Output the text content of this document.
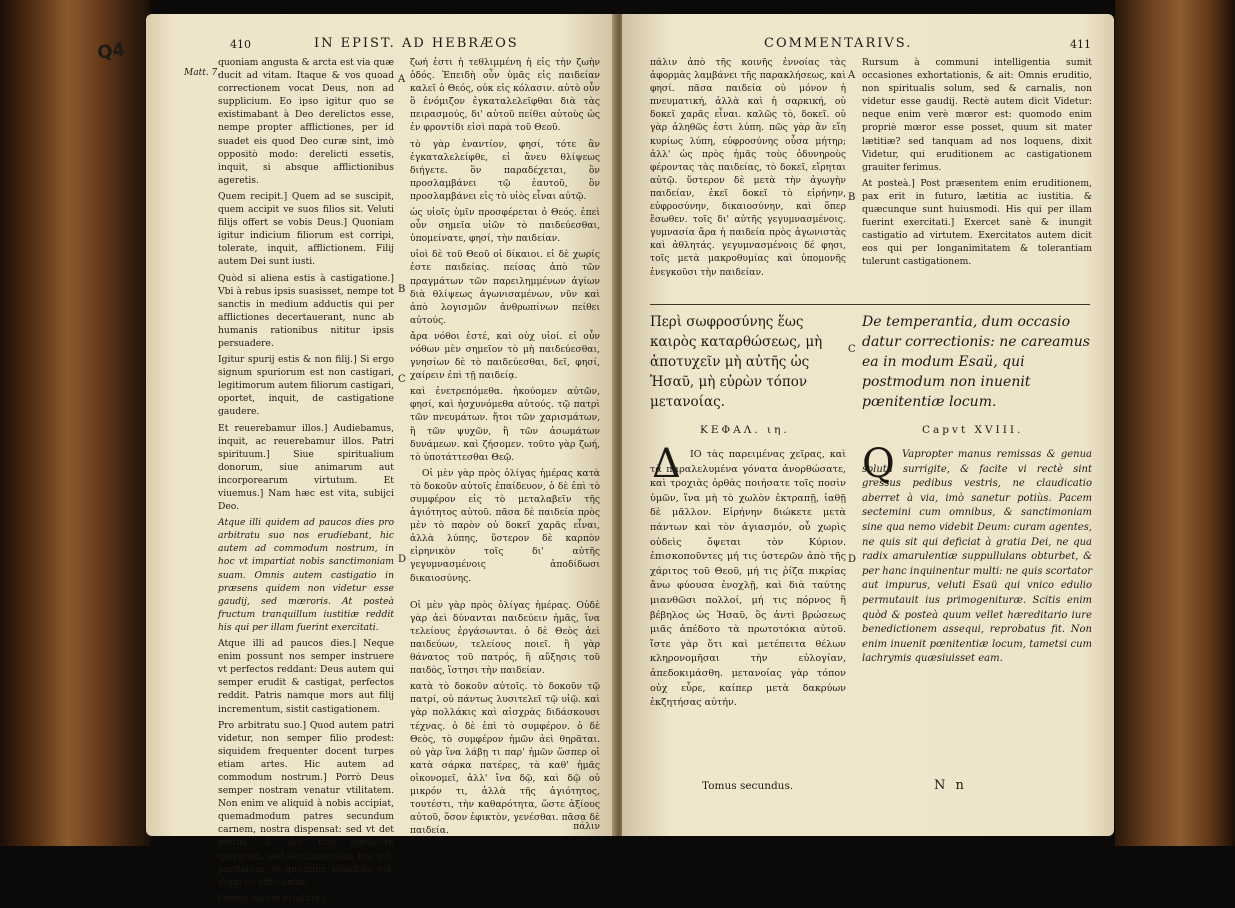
Q4	410	IN EPIST. AD HEBRÆOS
Matt. 7.

quoniam angusta & arcta est via quæ ducit ad vitam. Itaque & vos quoad correctionem vocat Deus, non ad supplicium. Eo ipso igitur quo se existimabant à Deo derelictos esse, nempe propter afflictiones, per id suadet eis quod Deo curæ sint, imò oppositò modo: derelicti essetis, inquit, si absque afflictionibus ageretis.

Quem recipit.] Quem ad se suscipit, quem accipit ve suos filios sit. Veluti filijs offert se vobis Deus.] Quoniam igitur indicium filiorum est corripi, tolerate, inquit, afflictionem. Filij autem Dei sunt iusti.

Quòd si aliena estis à castigatione.] Vbi à rebus ipsis suasisset, nempe tot sanctis in medium adductis qui per afflictiones decertauerant, nunc ab humanis rationibus nititur ipsis persuadere.

Igitur spurij estis & non filij.] Si ergo signum spuriorum est non castigari, legitimorum autem filiorum castigari, oportet, inquit, de castigatione gaudere.

Et reuerebamur illos.] Audiebamus, inquit, ac reuerebamur illos. Patri spirituum.] Siue spiritualium donorum, siue animarum aut incorporearum virtutum. Et viuemus.] Nam hæc est vita, subijci Deo.

Atque illi quidem ad paucos dies pro arbitratu suo nos erudiebant, hic autem ad commodum nostrum, in hoc vt impartiat nobis sanctimoniam suam. Omnis autem castigatio in præsens quidem non videtur esse gaudij, sed mœroris. At posteà fructum tranquillum iustitiæ reddit his qui per illam fuerint exercitati.

Atque illi ad paucos dies.] Neque enim possunt nos semper instruere vt perfectos reddant: Deus autem qui semper erudit & castigat, perfectos reddit. Patris namque mors aut filij incrementum, sistit castigationem.

Pro arbitratu suo.] Quod autem patri videtur, non semper filio prodest: siquidem frequenter docent turpes etiam artes. Hic autem ad commodum nostrum.] Porrò Deus semper nostram venatur vtilitatem. Non enim ve aliquid à nobis accipiat, quemadmodum patres secundum carnem, nostra dispensat: sed vt det potius, & det non mediocre quippiam, sed sanctimoniam, hoc est, puritatem: vt quantum possibile est, digni eo efficiamur.

Omnis autem eruditio.]

A
B
C
D

ζωή ἐστι ἡ τεθλιμμένη ἡ εἰς τὴν ζωὴν ὁδός. Ἐπειδὴ οὖν ὑμᾶς εἰς παιδείαν καλεῖ ὁ Θεός, οὐκ εἰς κόλασιν. αὐτὸ οὖν ὃ ἐνόμιζον ἐγκαταλελεῖφθαι διὰ τὰς πειρασμούς, δι' αὐτοῦ πείθει αὐτοὺς ὡς ἐν φροντίδι εἰσὶ παρὰ τοῦ Θεοῦ.

τὸ γὰρ ἐναντίον, φησί, τότε ἂν ἐγκαταλελείφθε, εἰ ἄνευ θλίψεως διήγετε. ὃν παραδέχεται, ὃν προσλαμβάνει τῷ ἑαυτοῦ, ὃν προσλαμβάνει εἰς τὸ υἱὸς εἶναι αὐτῷ.

ὡς υἱοῖς ὑμῖν προσφέρεται ὁ Θεός. ἐπεὶ οὖν σημεῖα υἱῶν τὸ παιδεύεσθαι, ὑπομείνατε, φησί, τὴν παιδείαν.

υἱοὶ δὲ τοῦ Θεοῦ οἱ δίκαιοι. εἰ δὲ χωρίς ἐστε παιδείας. πείσας ἀπὸ τῶν πραγμάτων τῶν παρειλημμένων ἁγίων διὰ θλίψεως ἀγωνισαμένων, νῦν καὶ ἀπὸ λογισμῶν ἀνθρωπίνων πείθει αὐτούς.

ἄρα νόθοι ἐστέ, καὶ οὐχ υἱοί. εἰ οὖν νόθων μὲν σημεῖον τὸ μὴ παιδεύεσθαι, γνησίων δὲ τὸ παιδεύεσθαι, δεῖ, φησί, χαίρειν ἐπὶ τῇ παιδείᾳ.

καὶ ἐνετρεπόμεθα. ἠκούομεν αὐτῶν, φησί, καὶ ἠσχυνόμεθα αὐτούς. τῷ πατρὶ τῶν πνευμάτων. ἤτοι τῶν χαρισμάτων, ἢ τῶν ψυχῶν, ἢ τῶν ἀσωμάτων δυνάμεων. καὶ ζήσομεν. τοῦτο γὰρ ζωή, τὸ ὑποτάττεσθαι Θεῷ.

Οἱ μὲν γὰρ πρὸς ὀλίγας ἡμέρας κατὰ τὸ δοκοῦν αὐτοῖς ἐπαίδευον, ὁ δὲ ἐπὶ τὸ συμφέρον εἰς τὸ μεταλαβεῖν τῆς ἁγιότητος αὐτοῦ. πᾶσα δὲ παιδεία πρὸς μὲν τὸ παρὸν οὐ δοκεῖ χαρᾶς εἶναι, ἀλλὰ λύπης, ὕστερον δὲ καρπὸν εἰρηνικὸν τοῖς δι' αὐτῆς γεγυμνασμένοις ἀποδίδωσι δικαιοσύνης.

Οἱ μὲν γὰρ πρὸς ὀλίγας ἡμέρας. Οὐδὲ γὰρ ἀεὶ δύνανται παιδεύειν ἡμᾶς, ἵνα τελείους ἐργάσωνται. ὁ δὲ Θεὸς ἀεὶ παιδεύων, τελείους ποιεῖ. ἢ γὰρ θάνατος τοῦ πατρός, ἢ αὔξησις τοῦ παιδὸς, ἵστησι τὴν παιδείαν.

κατὰ τὸ δοκοῦν αὐτοῖς. τὸ δοκοῦν τῷ πατρί, οὐ πάντως λυσιτελεῖ τῷ υἱῷ. καὶ γὰρ πολλάκις καὶ αἰσχρὰς διδάσκουσι τέχνας. ὁ δὲ ἐπὶ τὸ συμφέρον. ὁ δὲ Θεὸς, τὸ συμφέρον ἡμῶν ἀεὶ θηρᾶται. οὐ γὰρ ἵνα λάβῃ τι παρ' ἡμῶν ὥσπερ οἱ κατὰ σάρκα πατέρες, τὰ καθ' ἡμᾶς οἰκονομεῖ, ἀλλ' ἵνα δῷ, καὶ δῷ οὐ μικρόν τι, ἀλλὰ τῆς ἁγιότητος, τουτέστι, τὴν καθαρότητα, ὥστε ἀξίους αὐτοῦ, ὅσον ἐφικτὸν, γενέσθαι. πᾶσα δὲ παιδεία.	πάλιν
COMMENTARIVS.	411

πάλιν ἀπὸ τῆς κοινῆς ἐννοίας τὰς ἀφορμὰς λαμβάνει τῆς παρακλήσεως, καὶ φησί. πᾶσα παιδεία οὐ μόνον ἡ πνευματική, ἀλλὰ καὶ ἡ σαρκική, οὐ δοκεῖ χαρᾶς εἶναι. καλῶς τὸ, δοκεῖ. οὐ γὰρ ἀληθῶς ἐστι λύπη. πῶς γὰρ ἂν εἴη κυρίως λύπη, εὐφροσύνης οὖσα μήτηρ; ἀλλ' ὡς πρὸς ἡμᾶς τοὺς ὀδυνηροὺς φέροντας τὰς παιδείας, τὸ δοκεῖ, εἴρηται αὐτῷ. ὕστερον δὲ μετὰ τὴν ἀγωγὴν παιδείαν, ἐκεῖ δοκεῖ τὸ εἰρήνην, εὐφροσύνην, δικαιοσύνην, καὶ ὅπερ ἔσωθεν. τοῖς δι' αὐτῆς γεγυμνασμένοις. γυμνασία ἄρα ἡ παιδεία πρὸς ἀγωνιστὰς καὶ ἀθλητάς. γεγυμνασμένοις δέ φησι, τοῖς μετὰ μακροθυμίας καὶ ὑπομονῆς ἐνεγκοῦσι τὴν παιδείαν.

A
B

Rursum à communi intelligentia sumit occasiones exhortationis, & ait: Omnis eruditio, non spiritualis solum, sed & carnalis, non videtur esse gaudij. Rectè autem dicit Videtur: neque enim verè mœror est: quomodo enim propriè mœror esse posset, quum sit mater lætitiæ? sed tanquam ad nos loquens, dixit Videtur, qui eruditionem ac castigationem grauiter ferimus.

At posteà.] Post præsentem enim eruditionem, pax erit in futuro, lætitia ac iustitia. & quæcunque sunt huiusmodi. His qui per illam fuerint exercitati.] Exercet sanè & inungit castigatio ad virtutem. Exercitatos autem dicit eos qui per longanimitatem & tolerantiam tulerunt castigationem.

Περὶ σωφροσύνης ἕως καιρὸς καταρθώσεως, μὴ ἀποτυχεῖν μὴ αὐτῆς ὡς Ἡσαῦ, μὴ εὑρὼν τόπον μετανοίας.
C
De temperantia, dum occasio datur correctionis: ne careamus ea in modum Esaü, qui postmodum non inuenit pœnitentiæ locum.
ΚΕΦΑΛ. ιη.	Capvt XVIII.
Δ ΙΟ τὰς παρειμένας χεῖρας, καὶ τὰ παραλελυμένα γόνατα ἀνορθώσατε, καὶ τροχιὰς ὀρθὰς ποιήσατε τοῖς ποσὶν ὑμῶν, ἵνα μὴ τὸ χωλὸν ἐκτραπῇ, ἰαθῇ δὲ μᾶλλον. Εἰρήνην διώκετε μετὰ πάντων καὶ τὸν ἁγιασμόν, οὗ χωρὶς οὐδεὶς ὄψεται τὸν Κύριον. ἐπισκοποῦντες μή τις ὑστερῶν ἀπὸ τῆς χάριτος τοῦ Θεοῦ, μή τις ῥίζα πικρίας ἄνω φύουσα ἐνοχλῇ, καὶ διὰ ταύτης μιανθῶσι πολλοί, μή τις πόρνος ἢ βέβηλος ὡς Ἡσαῦ, ὃς ἀντὶ βρώσεως μιᾶς ἀπέδοτο τὰ πρωτοτόκια αὐτοῦ. ἴστε γὰρ ὅτι καὶ μετέπειτα θέλων κληρονομῆσαι τὴν εὐλογίαν, ἀπεδοκιμάσθη. μετανοίας γὰρ τόπον οὐχ εὗρε, καίπερ μετὰ δακρύων ἐκζητήσας αὐτήν.

D
Q Vapropter manus remissas & genua soluta surrigite, & facite vi rectè sint gressus pedibus vestris, ne claudicatio aberret à via, imò sanetur potiùs. Pacem sectemini cum omnibus, & sanctimoniam sine qua nemo videbit Deum: curam agentes, ne quis sit qui deficiat à gratia Dei, ne qua radix amarulentiæ suppullulans obturbet, & per hanc inquinentur multi: ne quis scortator aut impurus, veluti Esaü qui vnico edulio permutauit ius primogenituræ. Scitis enim quòd & posteà quum vellet hæreditario iure benedictionem assequi, reprobatus fit. Non enim inuenit pœnitentiæ locum, tametsi cum lachrymis quæsiuisset eam.

Tomus secundus.	N n
